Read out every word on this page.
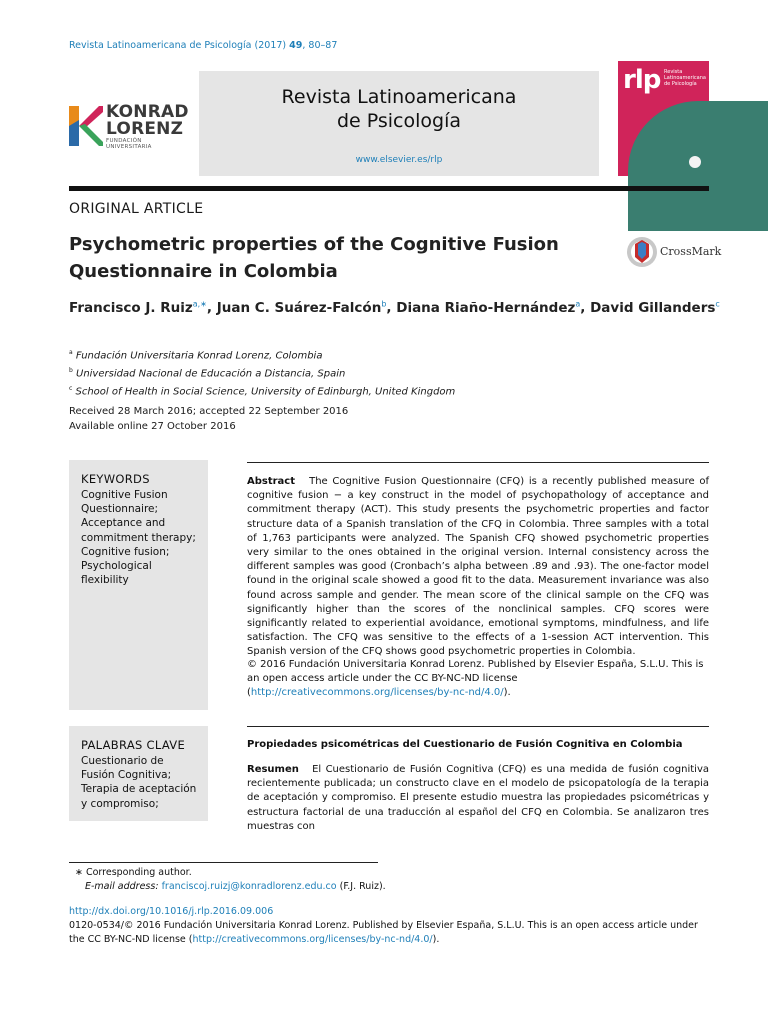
Revista Latinoamericana de Psicología (2017) 49, 80–87
KONRAD
LORENZ
FUNDACIÓN UNIVERSITARIA
Revista Latinoamericana
de Psicología
www.elsevier.es/rlp
rlp Revista Latinoamericana de Psicología
ORIGINAL ARTICLE
Psychometric properties of the Cognitive Fusion Questionnaire in Colombia
CrossMark
Francisco J. Ruiz$^{a,∗}$, Juan C. Suárez-Falcón$^b$, Diana Riaño-Hernández$^a$, David Gillanders$^c$
$^a$ Fundación Universitaria Konrad Lorenz, Colombia
$^b$ Universidad Nacional de Educación a Distancia, Spain
$^c$ School of Health in Social Science, University of Edinburgh, United Kingdom
Received 28 March 2016; accepted 22 September 2016
Available online 27 October 2016
KEYWORDS
Cognitive Fusion
Questionnaire;
Acceptance and
commitment therapy;
Cognitive fusion;
Psychological
flexibility
Abstract The Cognitive Fusion Questionnaire (CFQ) is a recently published measure of cognitive fusion − a key construct in the model of psychopathology of acceptance and commitment therapy (ACT). This study presents the psychometric properties and factor structure data of a Spanish translation of the CFQ in Colombia. Three samples with a total of 1,763 participants were analyzed. The Spanish CFQ showed psychometric properties very similar to the ones obtained in the original version. Internal consistency across the different samples was good (Cronbach’s alpha between .89 and .93). The one-factor model found in the original scale showed a good fit to the data. Measurement invariance was also found across sample and gender. The mean score of the clinical sample on the CFQ was significantly higher than the scores of the nonclinical samples. CFQ scores were significantly related to experiential avoidance, emotional symptoms, mindfulness, and life satisfaction. The CFQ was sensitive to the effects of a 1-session ACT intervention. This Spanish version of the CFQ shows good psychometric properties in Colombia.
© 2016 Fundación Universitaria Konrad Lorenz. Published by Elsevier España, S.L.U. This is an open access article under the CC BY-NC-ND license (http://creativecommons.org/licenses/by-nc-nd/4.0/).
PALABRAS CLAVE
Cuestionario de
Fusión Cognitiva;
Terapia de aceptación
y compromiso;
Propiedades psicométricas del Cuestionario de Fusión Cognitiva en Colombia
Resumen El Cuestionario de Fusión Cognitiva (CFQ) es una medida de fusión cognitiva recientemente publicada; un constructo clave en el modelo de psicopatología de la terapia de aceptación y compromiso. El presente estudio muestra las propiedades psicométricas y estructura factorial de una traducción al español del CFQ en Colombia. Se analizaron tres muestras con
∗ Corresponding author.
E-mail address: franciscoj.ruizj@konradlorenz.edu.co (F.J. Ruiz).
http://dx.doi.org/10.1016/j.rlp.2016.09.006
0120-0534/© 2016 Fundación Universitaria Konrad Lorenz. Published by Elsevier España, S.L.U. This is an open access article under the CC BY-NC-ND license (http://creativecommons.org/licenses/by-nc-nd/4.0/).
